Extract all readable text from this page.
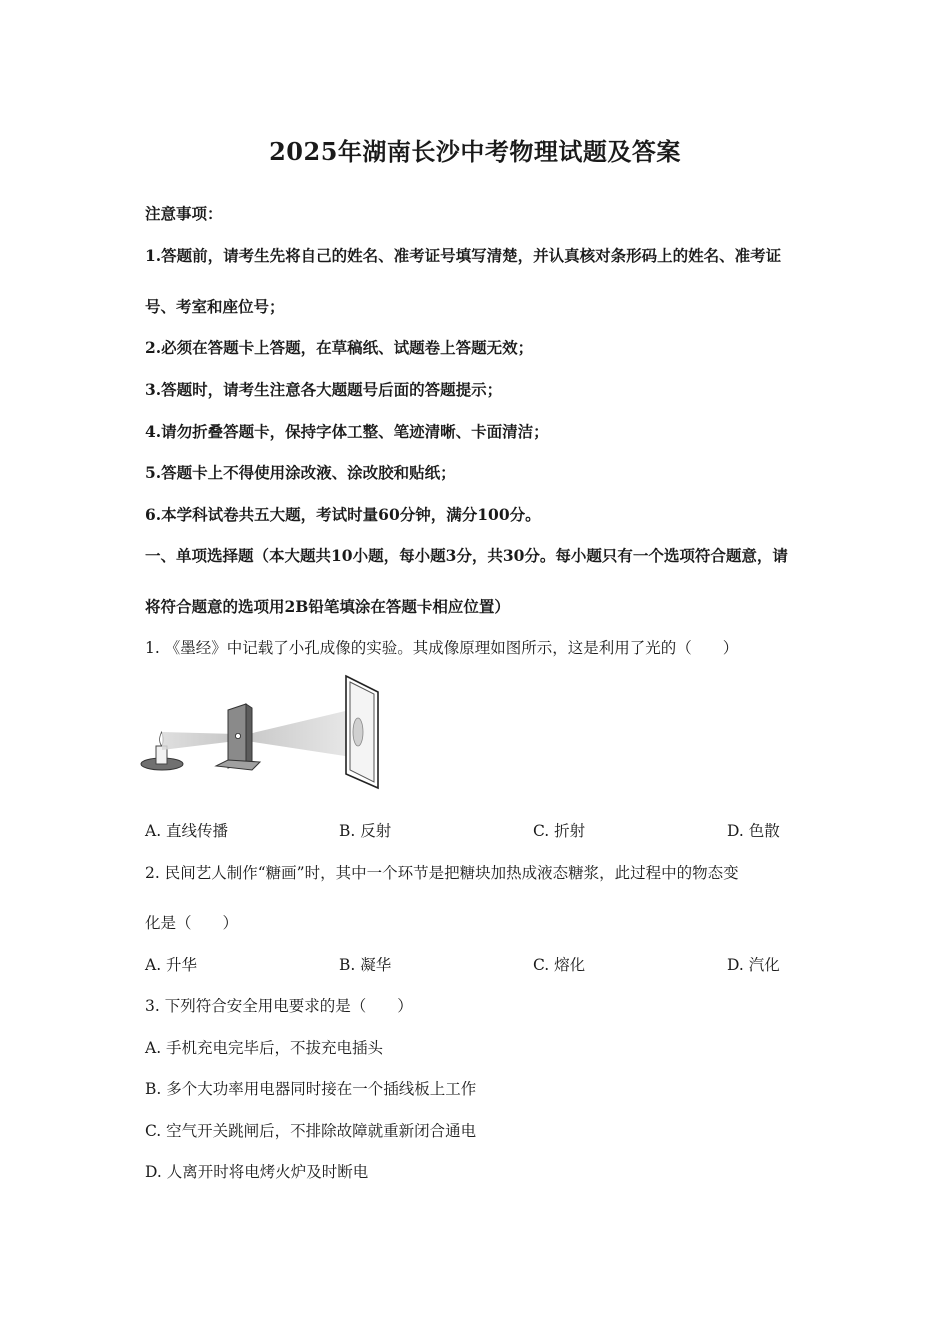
2025年湖南长沙中考物理试题及答案
注意事项：
1.答题前，请考生先将自己的姓名、准考证号填写清楚，并认真核对条形码上的姓名、准考证
号、考室和座位号；
2.必须在答题卡上答题，在草稿纸、试题卷上答题无效；
3.答题时，请考生注意各大题题号后面的答题提示；
4.请勿折叠答题卡，保持字体工整、笔迹清晰、卡面清洁；
5.答题卡上不得使用涂改液、涂改胶和贴纸；
6.本学科试卷共五大题，考试时量60分钟，满分100分。
一、单项选择题（本大题共10小题，每小题3分，共30分。每小题只有一个选项符合题意，请
将符合题意的选项用2B铅笔填涂在答题卡相应位置）
1. 《墨经》中记载了小孔成像的实验。其成像原理如图所示，这是利用了光的（　　）
A. 直线传播	B. 反射	C. 折射	D. 色散
2. 民间艺人制作“糖画”时，其中一个环节是把糖块加热成液态糖浆，此过程中的物态变
化是（　　）
A. 升华	B. 凝华	C. 熔化	D. 汽化
3. 下列符合安全用电要求的是（　　）
A. 手机充电完毕后，不拔充电插头
B. 多个大功率用电器同时接在一个插线板上工作
C. 空气开关跳闸后，不排除故障就重新闭合通电
D. 人离开时将电烤火炉及时断电
